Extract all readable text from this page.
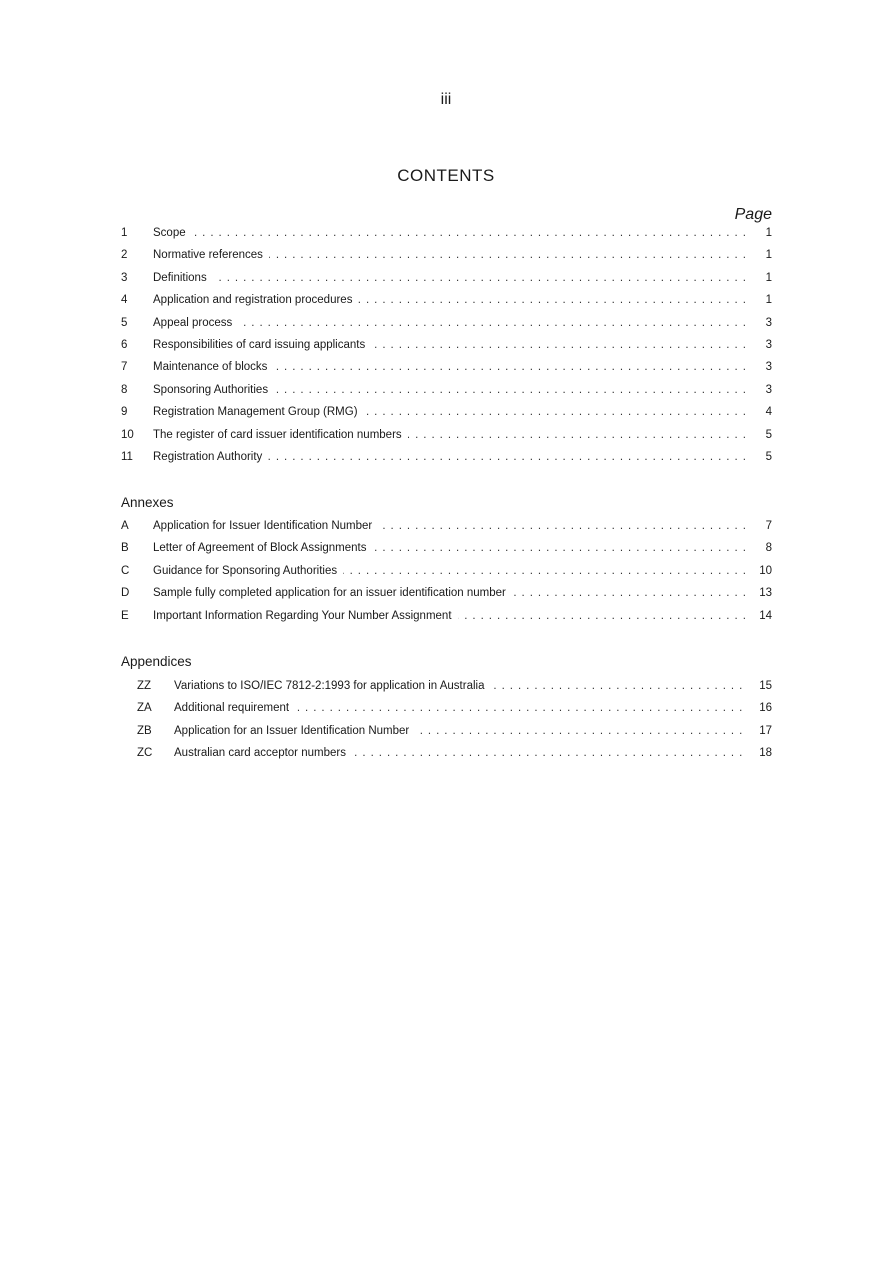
iii
CONTENTS
Page
1 Scope . . .	1
2 Normative references . . .	1
3 Definitions . . .	1
4 Application and registration procedures . . .	1
5 Appeal process . . .	3
6 Responsibilities of card issuing applicants . . .	3
7 Maintenance of blocks . . .	3
8 Sponsoring Authorities . . .	3
9 Registration Management Group (RMG) . . .	4
10 The register of card issuer identification numbers . . .	5
11 Registration Authority . . .	5
Annexes
A Application for Issuer Identification Number . . .	7
B Letter of Agreement of Block Assignments . . .	8
C Guidance for Sponsoring Authorities . . .	10
D Sample fully completed application for an issuer identification number . . .	13
E Important Information Regarding Your Number Assignment . . .	14
Appendices
ZZ Variations to ISO/IEC 7812-2:1993 for application in Australia . . .	15
ZA Additional requirement . . .	16
ZB Application for an Issuer Identification Number . . .	17
ZC Australian card acceptor numbers . . .	18
